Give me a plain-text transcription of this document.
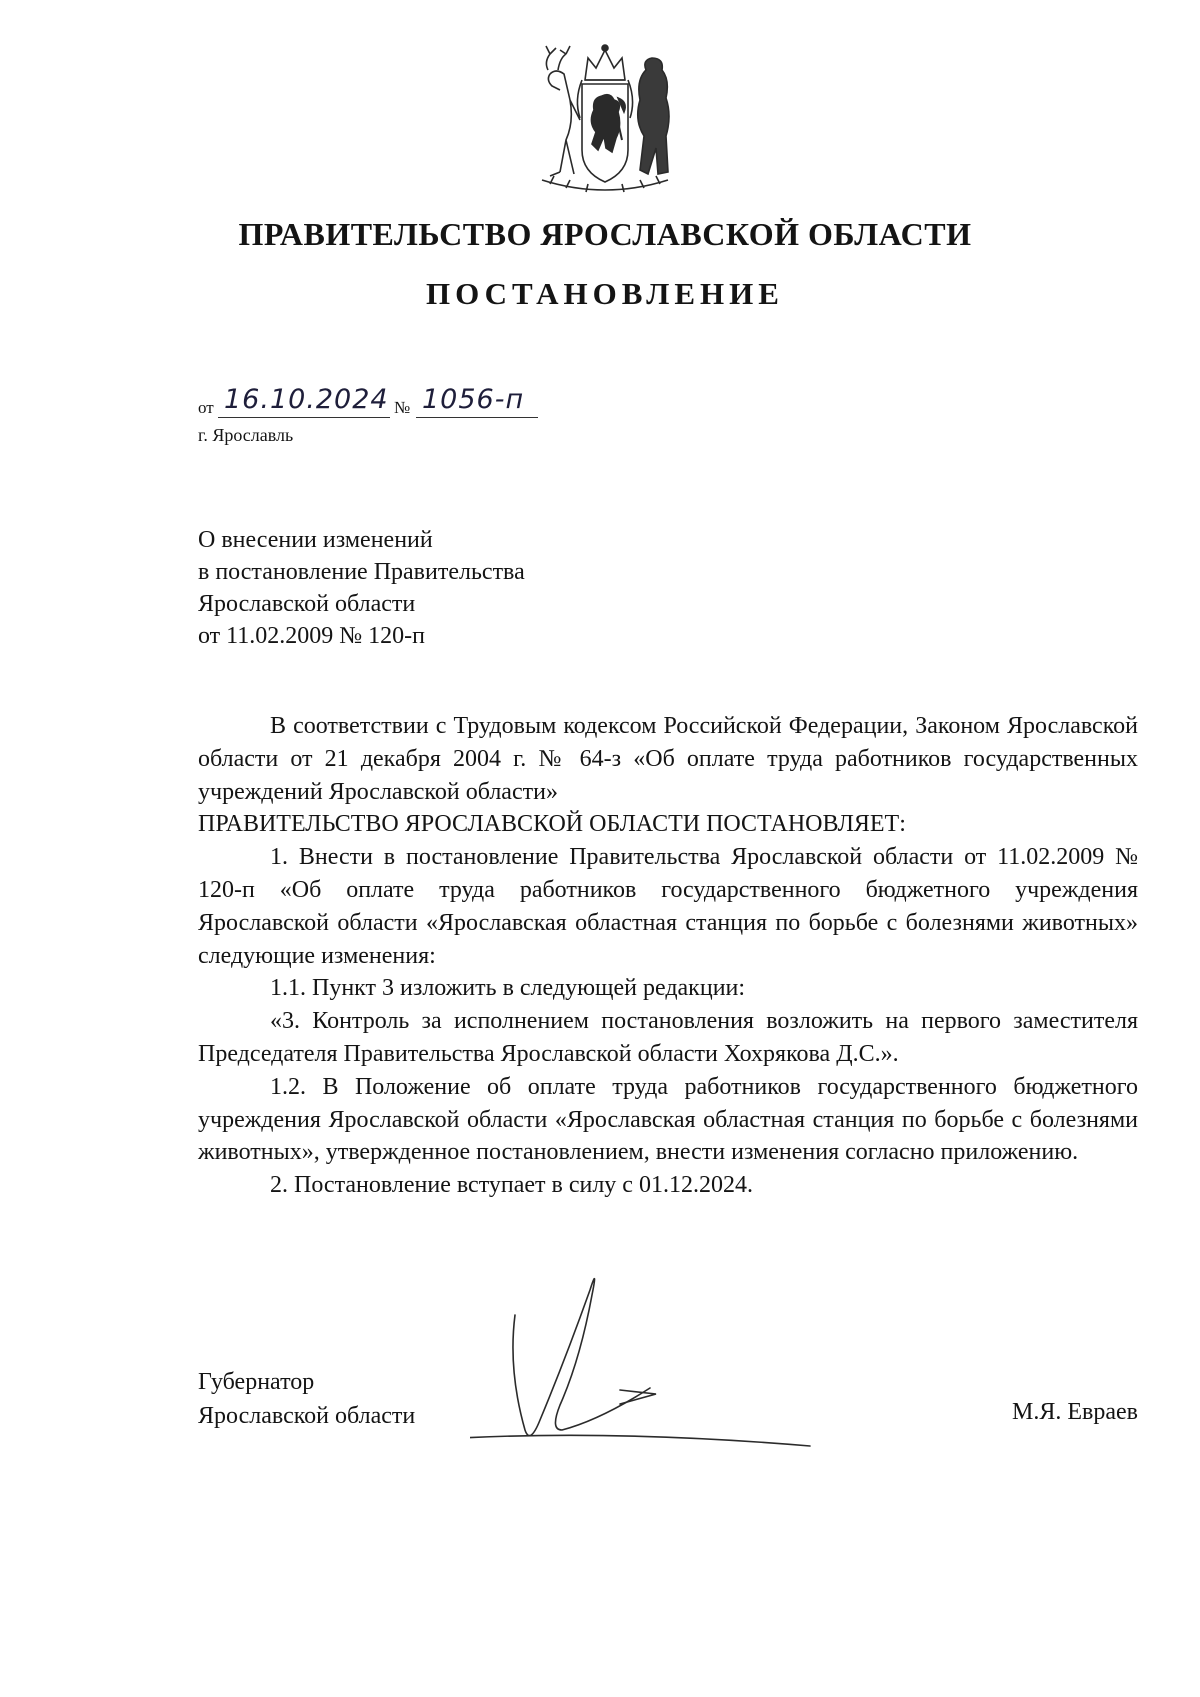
ПРАВИТЕЛЬСТВО ЯРОСЛАВСКОЙ ОБЛАСТИ
ПОСТАНОВЛЕНИЕ
от 16.10.2024 № 1056-п
г. Ярославль
О внесении изменений
в постановление Правительства
Ярославской области
от 11.02.2009 № 120-п

В соответствии с Трудовым кодексом Российской Федерации, Законом Ярославской области от 21 декабря 2004 г. № 64-з «Об оплате труда работников государственных учреждений Ярославской области»

ПРАВИТЕЛЬСТВО ЯРОСЛАВСКОЙ ОБЛАСТИ ПОСТАНОВЛЯЕТ:

1. Внести в постановление Правительства Ярославской области от 11.02.2009 № 120-п «Об оплате труда работников государственного бюджетного учреждения Ярославской области «Ярославская областная станция по борьбе с болезнями животных» следующие изменения:

1.1. Пункт 3 изложить в следующей редакции:

«3. Контроль за исполнением постановления возложить на первого заместителя Председателя Правительства Ярославской области Хохрякова Д.С.».

1.2. В Положение об оплате труда работников государственного бюджетного учреждения Ярославской области «Ярославская областная станция по борьбе с болезнями животных», утвержденное постановлением, внести изменения согласно приложению.

2. Постановление вступает в силу с 01.12.2024.

Губернатор
Ярославской области	М.Я. Евраев
